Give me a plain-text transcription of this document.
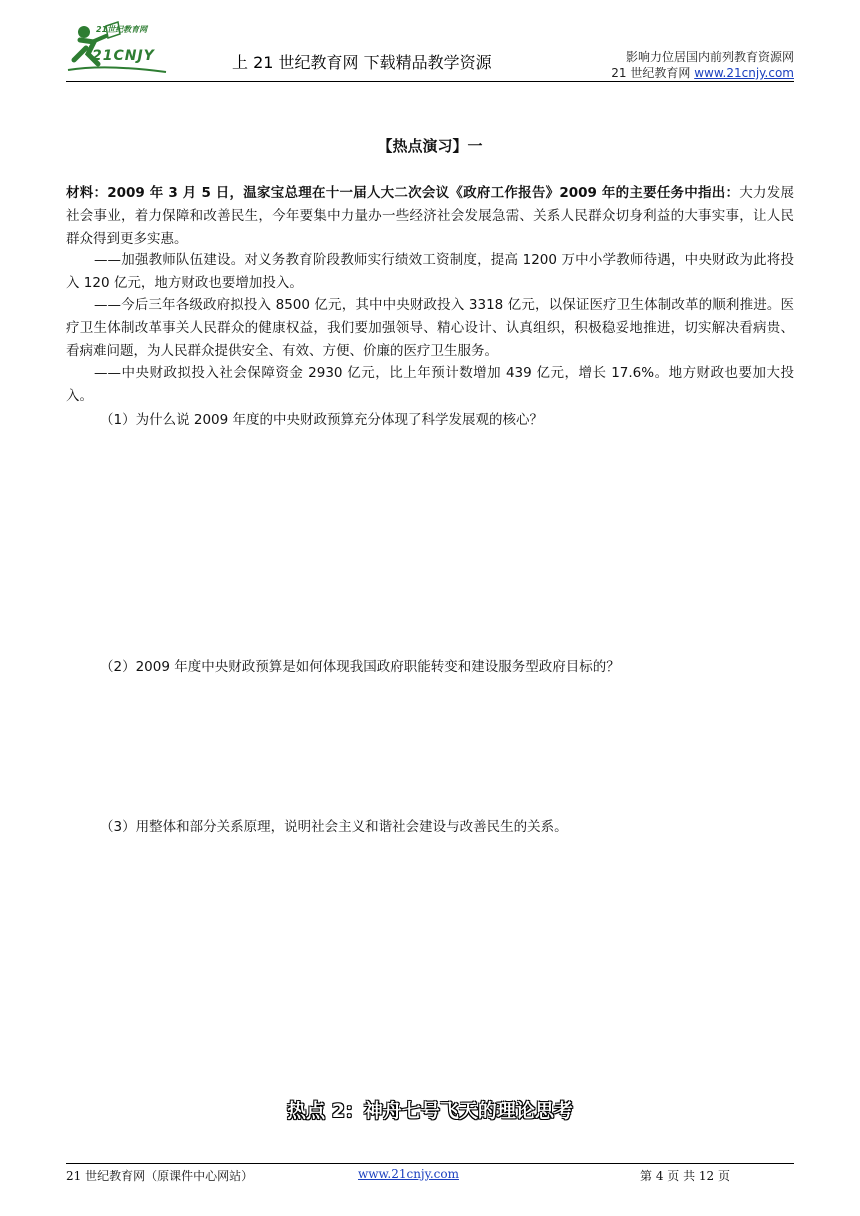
21世纪教育网
21CNJY	上 21 世纪教育网 下载精品教学资源	影响力位居国内前列教育资源网
21 世纪教育网 www.21cnjy.com
【热点演习】一
材料：2009 年 3 月 5 日，温家宝总理在十一届人大二次会议《政府工作报告》2009 年的主要任务中指出：大力发展社会事业，着力保障和改善民生，今年要集中力量办一些经济社会发展急需、关系人民群众切身利益的大事实事，让人民群众得到更多实惠。
——加强教师队伍建设。对义务教育阶段教师实行绩效工资制度，提高 1200 万中小学教师待遇，中央财政为此将投入 120 亿元，地方财政也要增加投入。
——今后三年各级政府拟投入 8500 亿元，其中中央财政投入 3318 亿元，以保证医疗卫生体制改革的顺利推进。医疗卫生体制改革事关人民群众的健康权益，我们要加强领导、精心设计、认真组织，积极稳妥地推进，切实解决看病贵、看病难问题，为人民群众提供安全、有效、方便、价廉的医疗卫生服务。
——中央财政拟投入社会保障资金 2930 亿元，比上年预计数增加 439 亿元，增长 17.6%。地方财政也要加大投入。
（1）为什么说 2009 年度的中央财政预算充分体现了科学发展观的核心？
（2）2009 年度中央财政预算是如何体现我国政府职能转变和建设服务型政府目标的？
（3）用整体和部分关系原理，说明社会主义和谐社会建设与改善民生的关系。
热点 2：神舟七号飞天的理论思考
21 世纪教育网（原课件中心网站）	www.21cnjy.com	第 4 页 共 12 页
